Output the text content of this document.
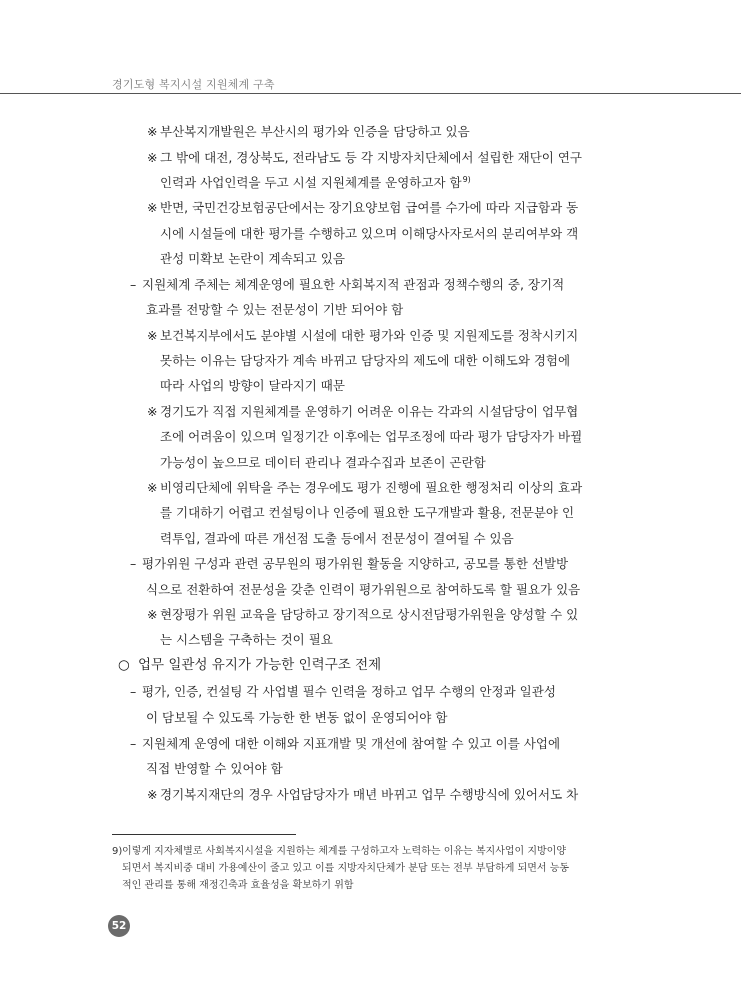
경기도형 복지시설 지원체계 구축
※ 부산복지개발원은 부산시의 평가와 인증을 담당하고 있음
※ 그 밖에 대전, 경상북도, 전라남도 등 각 지방자치단체에서 설립한 재단이 연구
인력과 사업인력을 두고 시설 지원체계를 운영하고자 함$^{9)}$
※ 반면, 국민건강보험공단에서는 장기요양보험 급여를 수가에 따라 지급함과 동
시에 시설들에 대한 평가를 수행하고 있으며 이해당사자로서의 분리여부와 객
관성 미확보 논란이 계속되고 있음
– 지원체계 주체는 체계운영에 필요한 사회복지적 관점과 정책수행의 중, 장기적
효과를 전망할 수 있는 전문성이 기반 되어야 함
※ 보건복지부에서도 분야별 시설에 대한 평가와 인증 및 지원제도를 정착시키지
못하는 이유는 담당자가 계속 바뀌고 담당자의 제도에 대한 이해도와 경험에
따라 사업의 방향이 달라지기 때문
※ 경기도가 직접 지원체계를 운영하기 어려운 이유는 각과의 시설담당이 업무협
조에 어려움이 있으며 일정기간 이후에는 업무조정에 따라 평가 담당자가 바뀔
가능성이 높으므로 데이터 관리나 결과수집과 보존이 곤란함
※ 비영리단체에 위탁을 주는 경우에도 평가 진행에 필요한 행정처리 이상의 효과
를 기대하기 어렵고 컨설팅이나 인증에 필요한 도구개발과 활용, 전문분야 인
력투입, 결과에 따른 개선점 도출 등에서 전문성이 결여될 수 있음
– 평가위원 구성과 관련 공무원의 평가위원 활동을 지양하고, 공모를 통한 선발방
식으로 전환하여 전문성을 갖춘 인력이 평가위원으로 참여하도록 할 필요가 있음
※ 현장평가 위원 교육을 담당하고 장기적으로 상시전담평가위원을 양성할 수 있
는 시스템을 구축하는 것이 필요
○ 업무 일관성 유지가 가능한 인력구조 전제
– 평가, 인증, 컨설팅 각 사업별 필수 인력을 정하고 업무 수행의 안정과 일관성
이 담보될 수 있도록 가능한 한 변동 없이 운영되어야 함
– 지원체계 운영에 대한 이해와 지표개발 및 개선에 참여할 수 있고 이를 사업에
직접 반영할 수 있어야 함
※ 경기복지재단의 경우 사업담당자가 매년 바뀌고 업무 수행방식에 있어서도 차
9)이렇게 지자체별로 사회복지시설을 지원하는 체계를 구성하고자 노력하는 이유는 복지사업이 지방이양
되면서 복지비중 대비 가용예산이 줄고 있고 이를 지방자치단체가 분담 또는 전부 부담하게 되면서 능동
적인 관리를 통해 재정긴축과 효율성을 확보하기 위함
52
